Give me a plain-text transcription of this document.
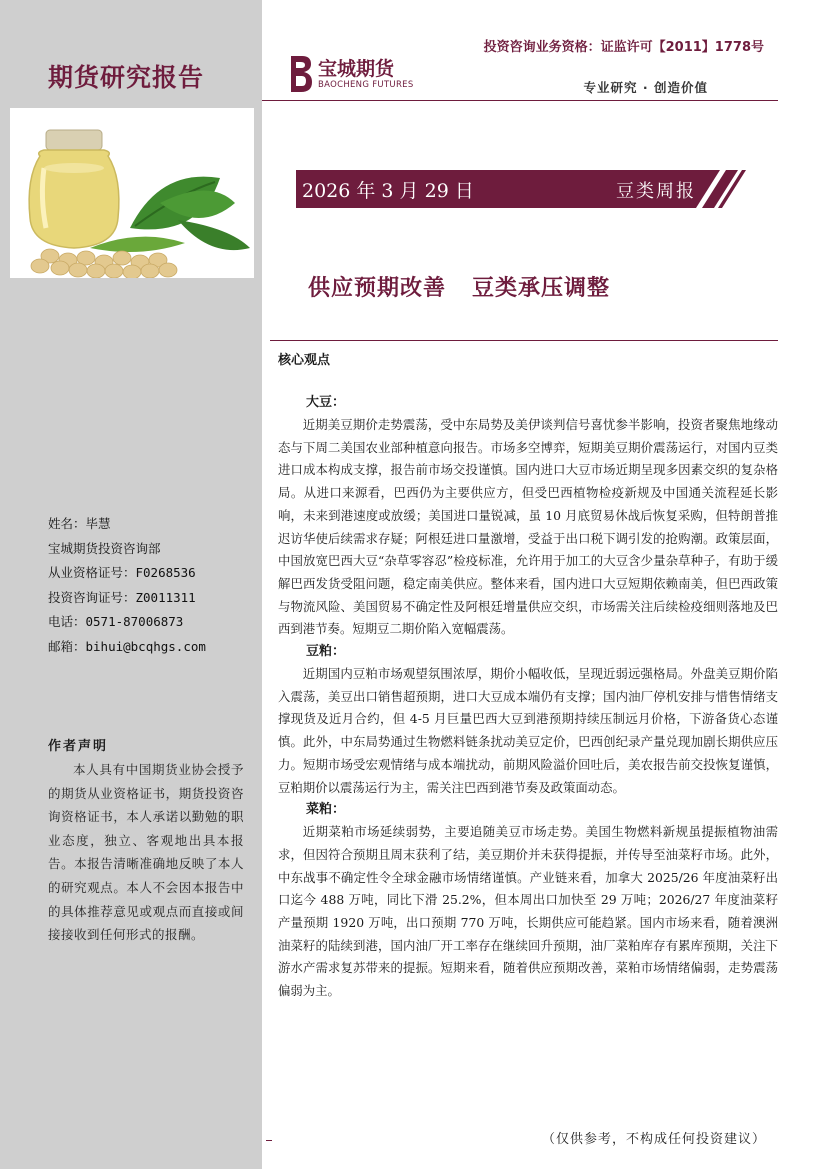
期货研究报告
姓名：毕慧
宝城期货投资咨询部
从业资格证号：F0268536
投资咨询证号：Z0011311
电话：0571-87006873
邮箱：bihui@bcqhgs.com
作者声明
本人具有中国期货业协会授予的期货从业资格证书，期货投资咨询资格证书，本人承诺以勤勉的职业态度，独立、客观地出具本报告。本报告清晰准确地反映了本人的研究观点。本人不会因本报告中的具体推荐意见或观点而直接或间接接收到任何形式的报酬。
投资咨询业务资格：证监许可【2011】1778号
宝城期货
BAOCHENG FUTURES	专业研究 · 创造价值
2026 年 3 月 29 日	豆类周报
供应预期改善   豆类承压调整
核心观点
大豆：

近期美豆期价走势震荡，受中东局势及美伊谈判信号喜忧参半影响，投资者聚焦地缘动态与下周二美国农业部种植意向报告。市场多空博弈，短期美豆期价震荡运行，对国内豆类进口成本构成支撑，报告前市场交投谨慎。国内进口大豆市场近期呈现多因素交织的复杂格局。从进口来源看，巴西仍为主要供应方，但受巴西植物检疫新规及中国通关流程延长影响，未来到港速度或放缓；美国进口量锐减，虽 10 月底贸易休战后恢复采购，但特朗普推迟访华使后续需求存疑；阿根廷进口量激增，受益于出口税下调引发的抢购潮。政策层面，中国放宽巴西大豆“杂草零容忍”检疫标准，允许用于加工的大豆含少量杂草种子，有助于缓解巴西发货受阻问题，稳定南美供应。整体来看，国内进口大豆短期依赖南美，但巴西政策与物流风险、美国贸易不确定性及阿根廷增量供应交织，市场需关注后续检疫细则落地及巴西到港节奏。短期豆二期价陷入宽幅震荡。

豆粕：

近期国内豆粕市场观望氛围浓厚，期价小幅收低，呈现近弱远强格局。外盘美豆期价陷入震荡，美豆出口销售超预期，进口大豆成本端仍有支撑；国内油厂停机安排与惜售情绪支撑现货及近月合约，但 4-5 月巨量巴西大豆到港预期持续压制远月价格，下游备货心态谨慎。此外，中东局势通过生物燃料链条扰动美豆定价，巴西创纪录产量兑现加剧长期供应压力。短期市场受宏观情绪与成本端扰动，前期风险溢价回吐后，美农报告前交投恢复谨慎，豆粕期价以震荡运行为主，需关注巴西到港节奏及政策面动态。

菜粕：

近期菜粕市场延续弱势，主要追随美豆市场走势。美国生物燃料新规虽提振植物油需求，但因符合预期且周末获利了结，美豆期价并未获得提振，并传导至油菜籽市场。此外，中东战事不确定性令全球金融市场情绪谨慎。产业链来看，加拿大 2025/26 年度油菜籽出口迄今 488 万吨，同比下滑 25.2%，但本周出口加快至 29 万吨；2026/27 年度油菜籽产量预期 1920 万吨，出口预期 770 万吨，长期供应可能趋紧。国内市场来看，随着澳洲油菜籽的陆续到港，国内油厂开工率存在继续回升预期，油厂菜粕库存有累库预期，关注下游水产需求复苏带来的提振。短期来看，随着供应预期改善，菜粕市场情绪偏弱，走势震荡偏弱为主。

（仅供参考，不构成任何投资建议）
